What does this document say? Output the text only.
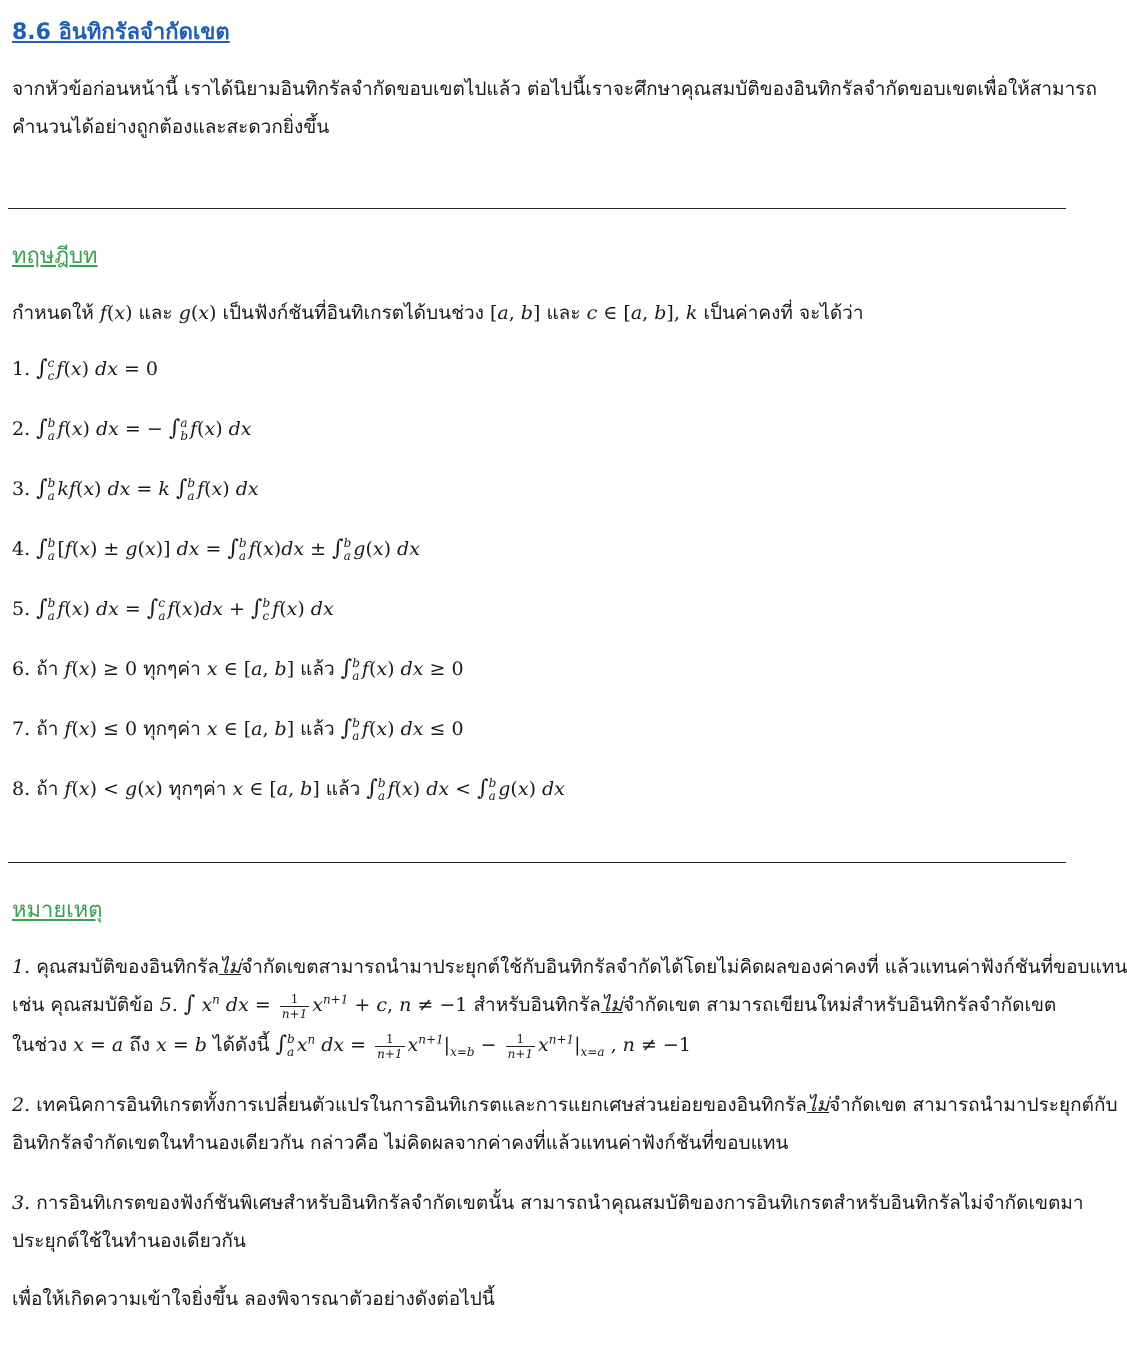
8.6 อินทิกรัลจำกัดเขต
จากหัวข้อก่อนหน้านี้ เราได้นิยามอินทิกรัลจำกัดขอบเขตไปแล้ว ต่อไปนี้เราจะศึกษาคุณสมบัติของอินทิกรัลจำกัดขอบเขตเพื่อให้สามารถ
คำนวนได้อย่างถูกต้องและสะดวกยิ่งขึ้น
ทฤษฎีบท
กำหนดให้ f(x) และ g(x) เป็นฟังก์ชันที่อินทิเกรตได้บนช่วง [a, b] และ c ∈ [a, b], k เป็นค่าคงที่ จะได้ว่า
1. ∫c
c f(x) dx = 0
2. ∫b
a f(x) dx = − ∫a
b f(x) dx
3. ∫b
a kf(x) dx = k ∫b
a f(x) dx
4. ∫b
a [f(x) ± g(x)] dx = ∫b
a f(x)dx ± ∫b
a g(x) dx
5. ∫b
a f(x) dx = ∫c
a f(x)dx + ∫b
c f(x) dx
6. ถ้า f(x) ≥ 0 ทุกๆค่า x ∈ [a, b] แล้ว ∫b
a f(x) dx ≥ 0
7. ถ้า f(x) ≤ 0 ทุกๆค่า x ∈ [a, b] แล้ว ∫b
a f(x) dx ≤ 0
8. ถ้า f(x) < g(x) ทุกๆค่า x ∈ [a, b] แล้ว ∫b
a f(x) dx < ∫b
a g(x) dx
หมายเหตุ
1. คุณสมบัติของอินทิกรัลไม่จำกัดเขตสามารถนำมาประยุกต์ใช้กับอินทิกรัลจำกัดได้โดยไม่คิดผลของค่าคงที่ แล้วแทนค่าฟังก์ชันที่ขอบแทน
เช่น คุณสมบัติข้อ 5. ∫ $x^n$ dx = $\frac{1}{n+1} x^{n+1} + c$, n ≠ −1 สำหรับอินทิกรัลไม่จำกัดเขต สามารถเขียนใหม่สำหรับอินทิกรัลจำกัดเขต
ในช่วง x = a ถึง x = b ได้ดังนี้ ∫b
a $x^n$ dx = $\frac{1}{n+1} x^{n+1}|_{x=b} - \frac{1}{n+1} x^{n+1}|_{x=a}$ , n ≠ −1
2. เทคนิคการอินทิเกรตทั้งการเปลี่ยนตัวแปรในการอินทิเกรตและการแยกเศษส่วนย่อยของอินทิกรัลไม่จำกัดเขต สามารถนำมาประยุกต์กับ
อินทิกรัลจำกัดเขตในทำนองเดียวกัน กล่าวคือ ไม่คิดผลจากค่าคงที่แล้วแทนค่าฟังก์ชันที่ขอบแทน
3. การอินทิเกรตของฟังก์ชันพิเศษสำหรับอินทิกรัลจำกัดเขตนั้น สามารถนำคุณสมบัติของการอินทิเกรตสำหรับอินทิกรัลไม่จำกัดเขตมา
ประยุกต์ใช้ในทำนองเดียวกัน
เพื่อให้เกิดความเข้าใจยิ่งขึ้น ลองพิจารณาตัวอย่างดังต่อไปนี้
